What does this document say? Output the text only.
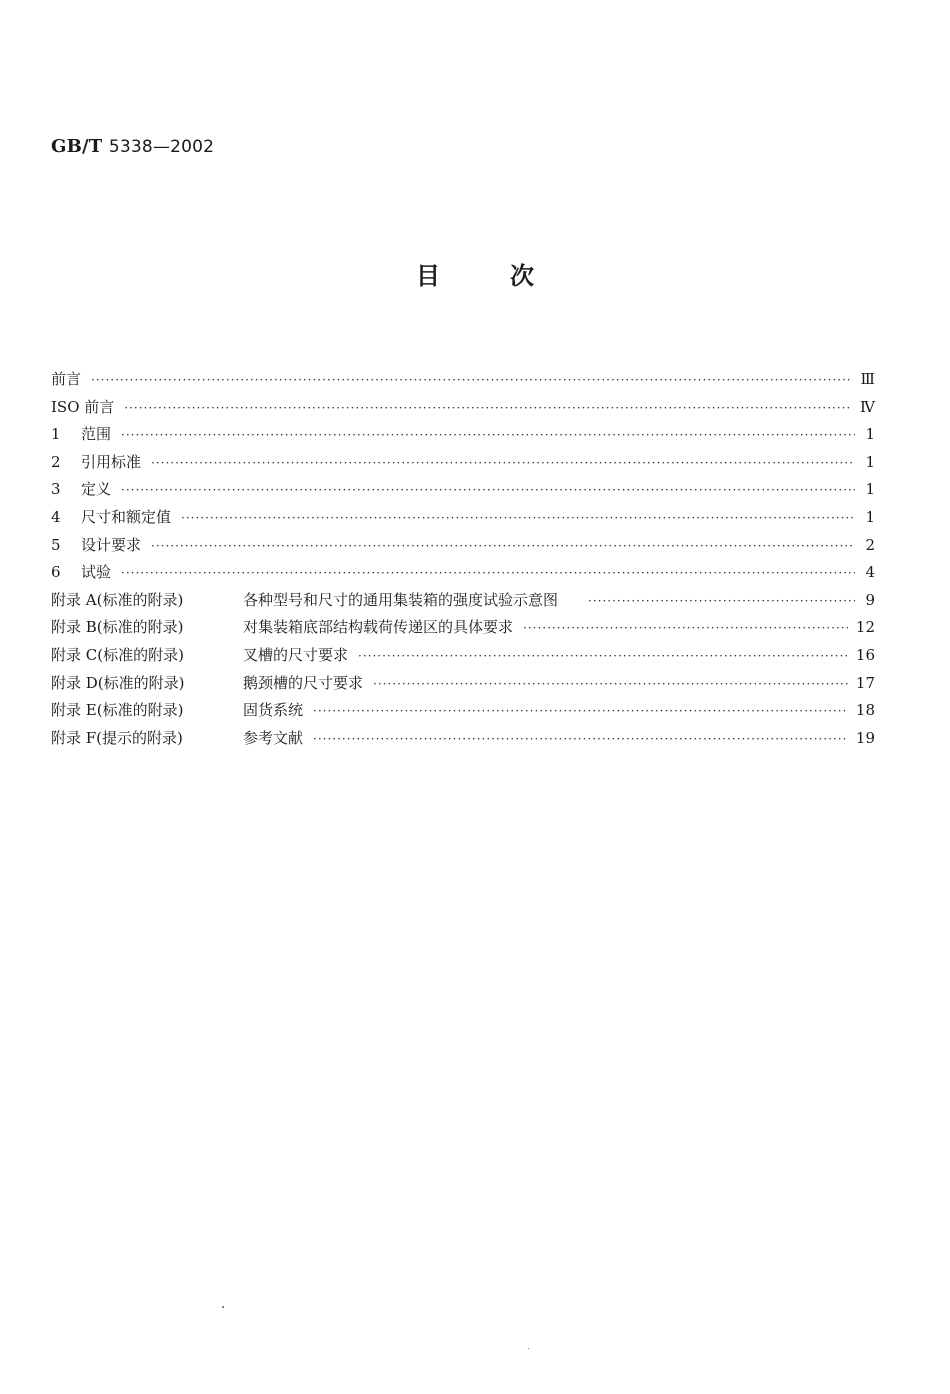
GB/T 5338—2002
目	次
前言 ·····	Ⅲ
ISO 前言 ·····	Ⅳ
1 范围 ·····	1
2 引用标准 ·····	1
3 定义 ·····	1
4 尺寸和额定值 ·····	1
5 设计要求 ·····	2
6 试验 ·····	4
附录 A(标准的附录)	各种型号和尺寸的通用集装箱的强度试验示意图 ·····	9
附录 B(标准的附录)	对集装箱底部结构载荷传递区的具体要求 ·····	12
附录 C(标准的附录)	叉槽的尺寸要求 ·····	16
附录 D(标准的附录)	鹅颈槽的尺寸要求 ·····	17
附录 E(标准的附录)	固货系统 ·····	18
附录 F(提示的附录)	参考文献 ·····	19
